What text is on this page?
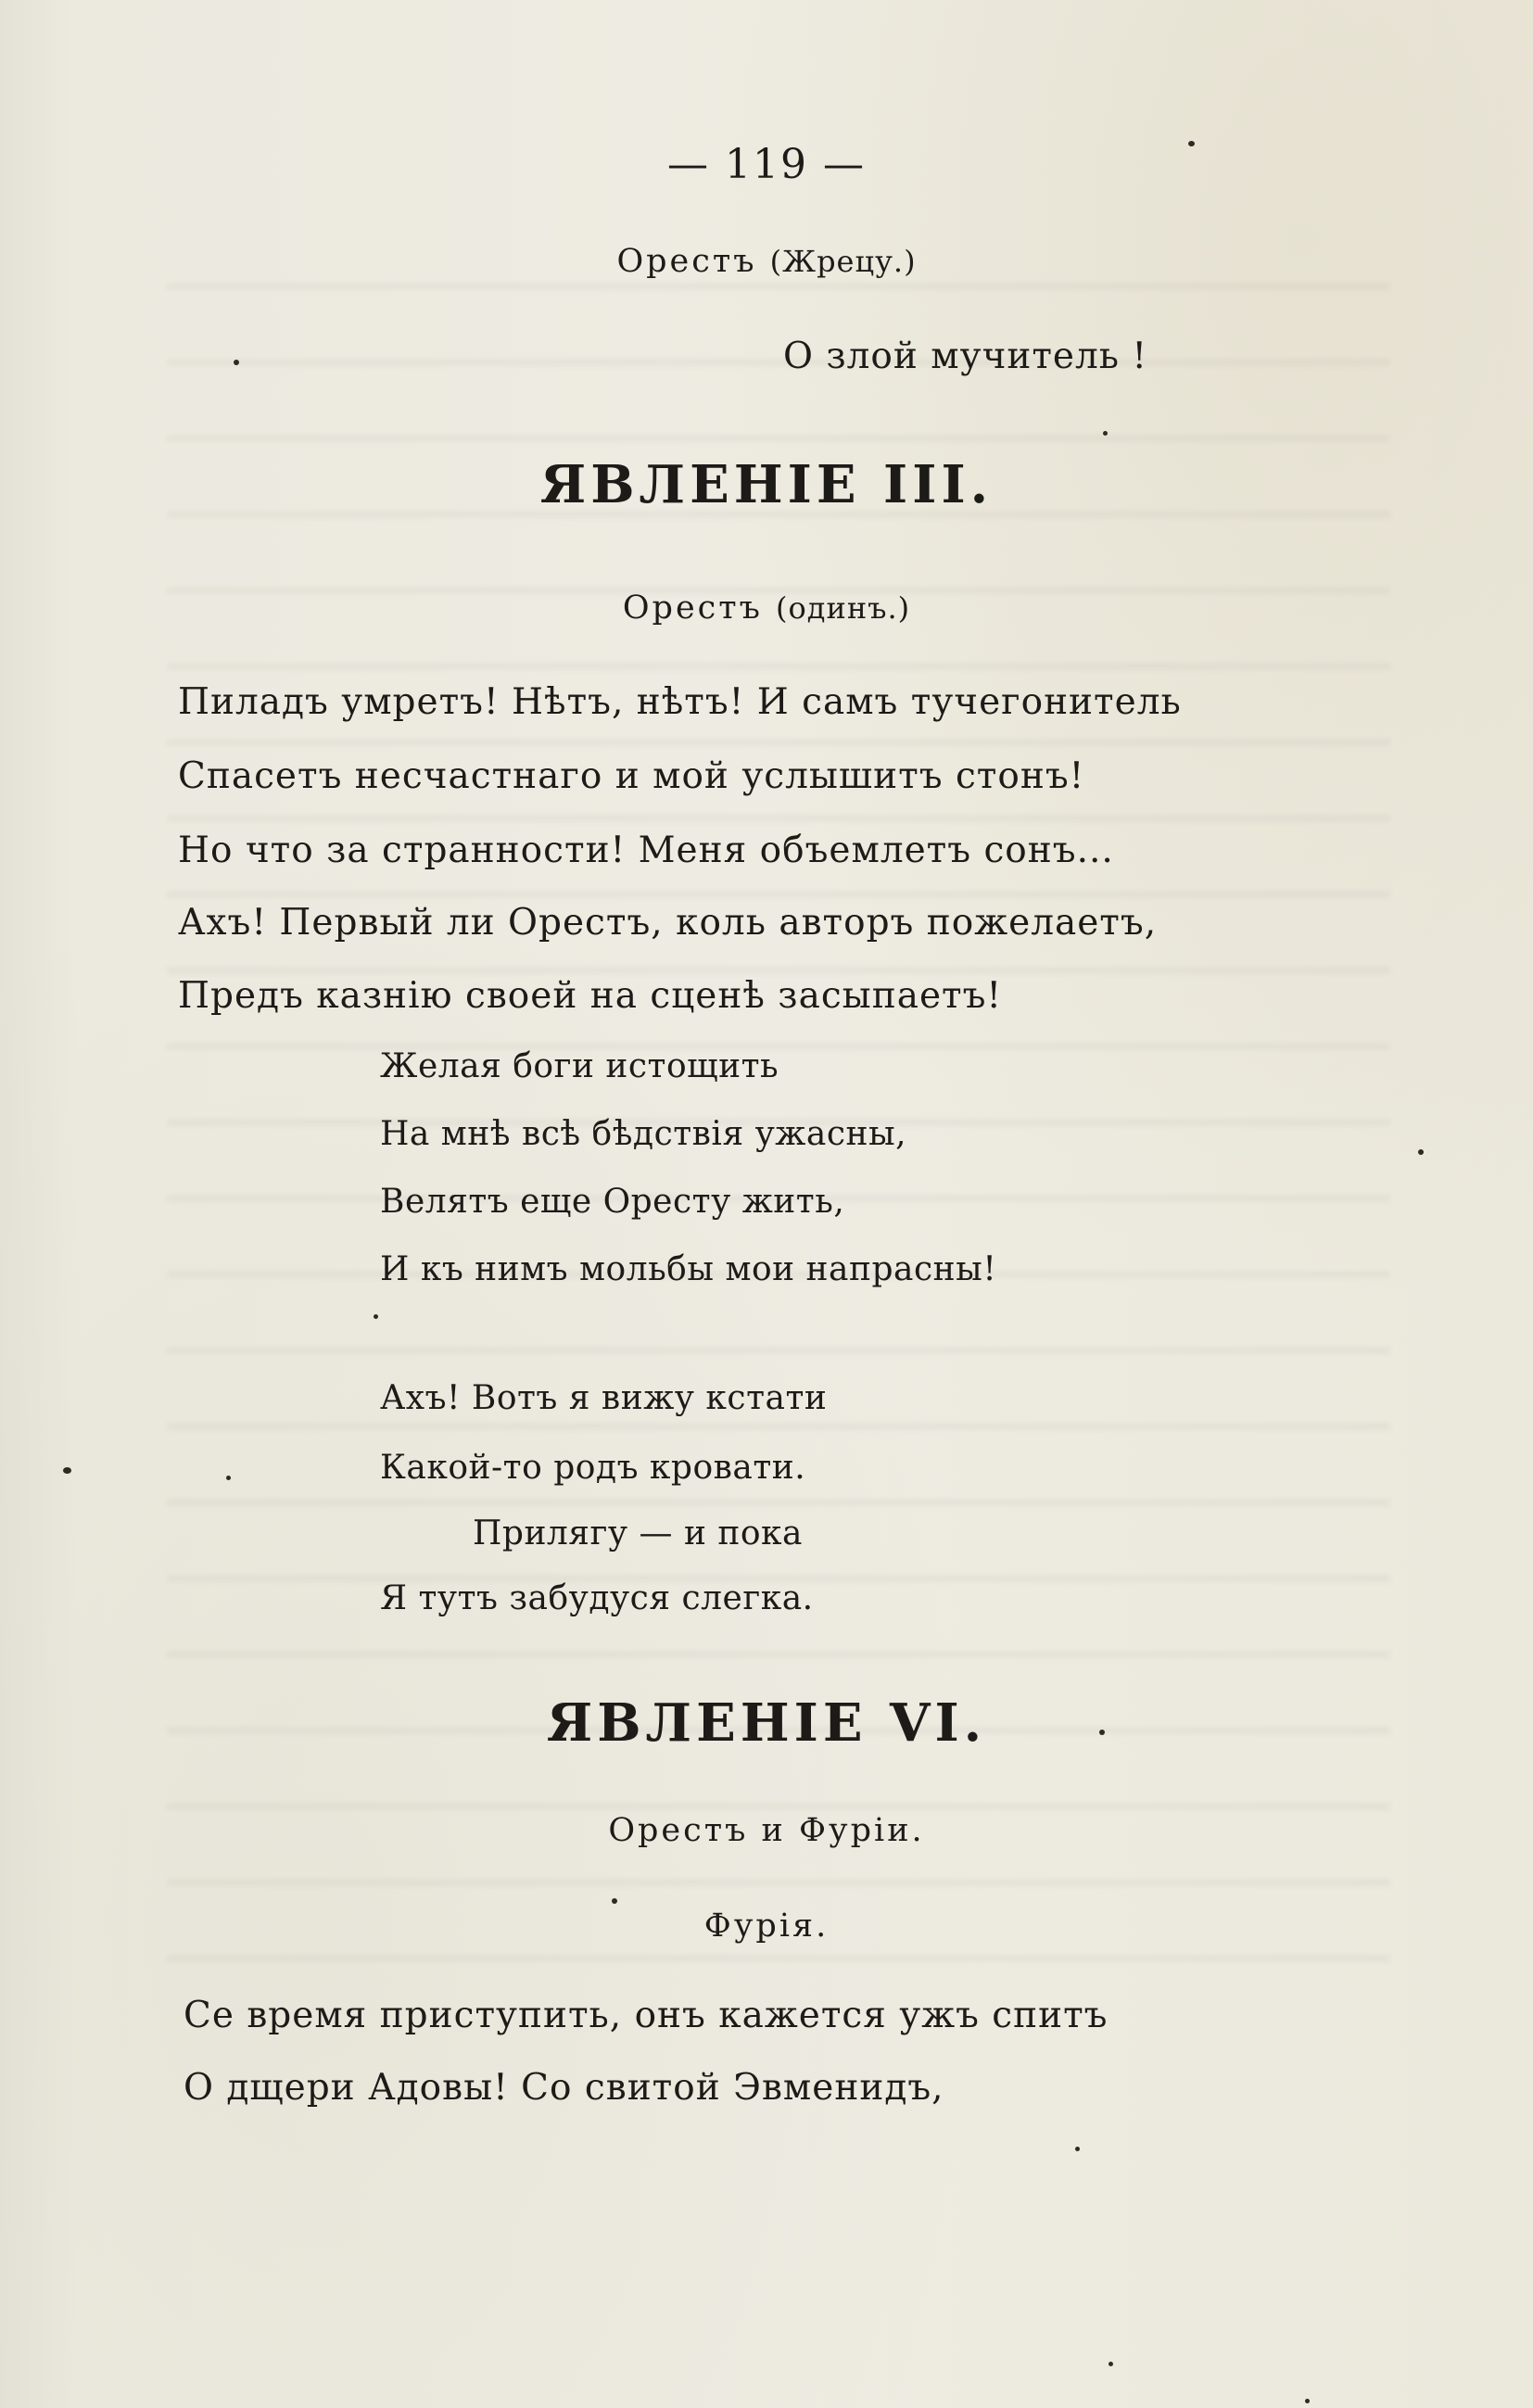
— 119 —

Орестъ (Жрецу.)

О злой мучитель !

ЯВЛЕНІЕ III.

Орестъ (одинъ.)

Пиладъ умретъ! Нѣтъ, нѣтъ! И самъ тучегонитель

Спасетъ несчастнаго и мой услышитъ стонъ!

Но что за странности! Меня объемлетъ сонъ...

Ахъ! Первый ли Орестъ, коль авторъ пожелаетъ,

Предъ казнію своей на сценѣ засыпаетъ!

Желая боги истощить

На мнѣ всѣ бѣдствія ужасны,

Велятъ еще Оресту жить,

И къ нимъ мольбы мои напрасны!

Ахъ! Вотъ я вижу кстати

Какой-то родъ кровати.

Прилягу — и пока

Я тутъ забудуся слегка.

ЯВЛЕНІЕ VI.

Орестъ и Фуріи.

Фурія.

Се время приступить, онъ кажется ужъ спитъ

О дщери Адовы! Со свитой Эвменидъ,
